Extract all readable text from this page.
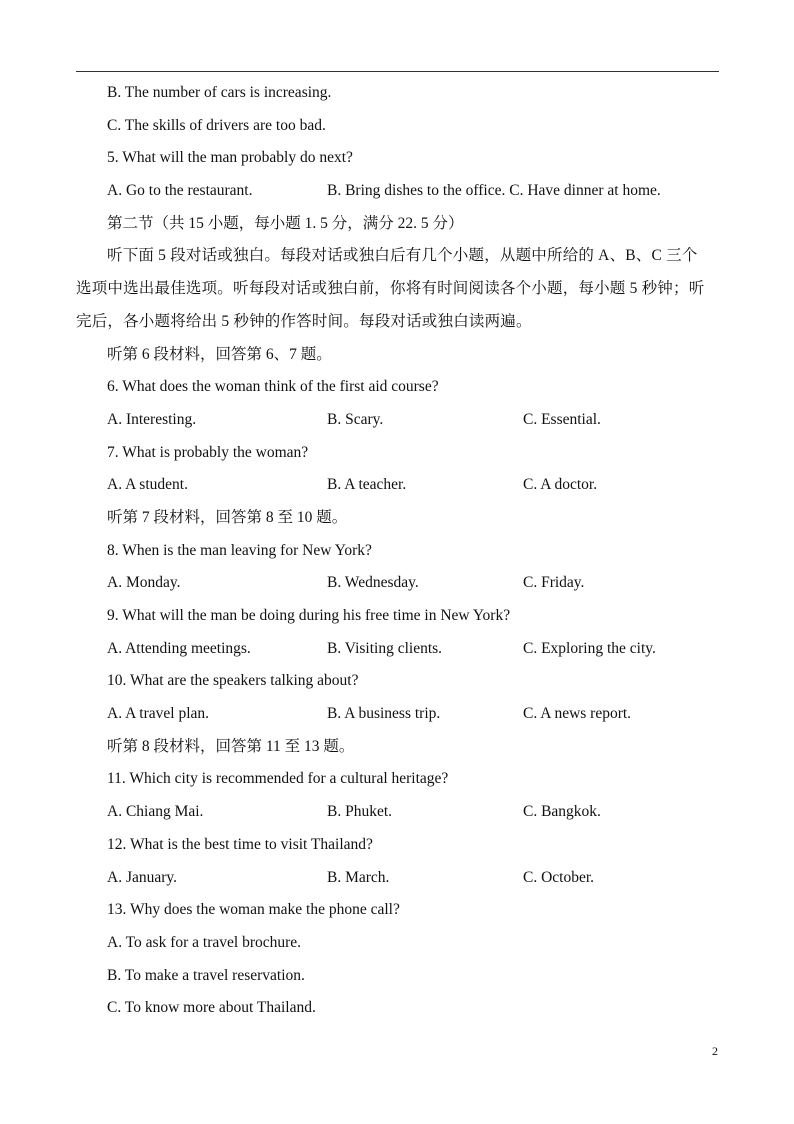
B. The number of cars is increasing.
C. The skills of drivers are too bad.
5. What will the man probably do next?
A. Go to the restaurant.	B. Bring dishes to the office. C. Have dinner at home.
第二节（共 15 小题，每小题 1. 5 分，满分 22. 5 分）
听下面 5 段对话或独白。每段对话或独白后有几个小题，从题中所给的 A、B、C 三个
选项中选出最佳选项。听每段对话或独白前，你将有时间阅读各个小题，每小题 5 秒钟；听
完后，各小题将给出 5 秒钟的作答时间。每段对话或独白读两遍。
听第 6 段材料，回答第 6、7 题。
6. What does the woman think of the first aid course?
A. Interesting.	B. Scary.	C. Essential.
7. What is probably the woman?
A. A student.	B. A teacher.	C. A doctor.
听第 7 段材料，回答第 8 至 10 题。
8. When is the man leaving for New York?
A. Monday.	B. Wednesday.	C. Friday.
9. What will the man be doing during his free time in New York?
A. Attending meetings.	B. Visiting clients.	C. Exploring the city.
10. What are the speakers talking about?
A. A travel plan.	B. A business trip.	C. A news report.
听第 8 段材料，回答第 11 至 13 题。
11. Which city is recommended for a cultural heritage?
A. Chiang Mai.	B. Phuket.	C. Bangkok.
12. What is the best time to visit Thailand?
A. January.	B. March.	C. October.
13. Why does the woman make the phone call?
A. To ask for a travel brochure.
B. To make a travel reservation.
C. To know more about Thailand.
2
